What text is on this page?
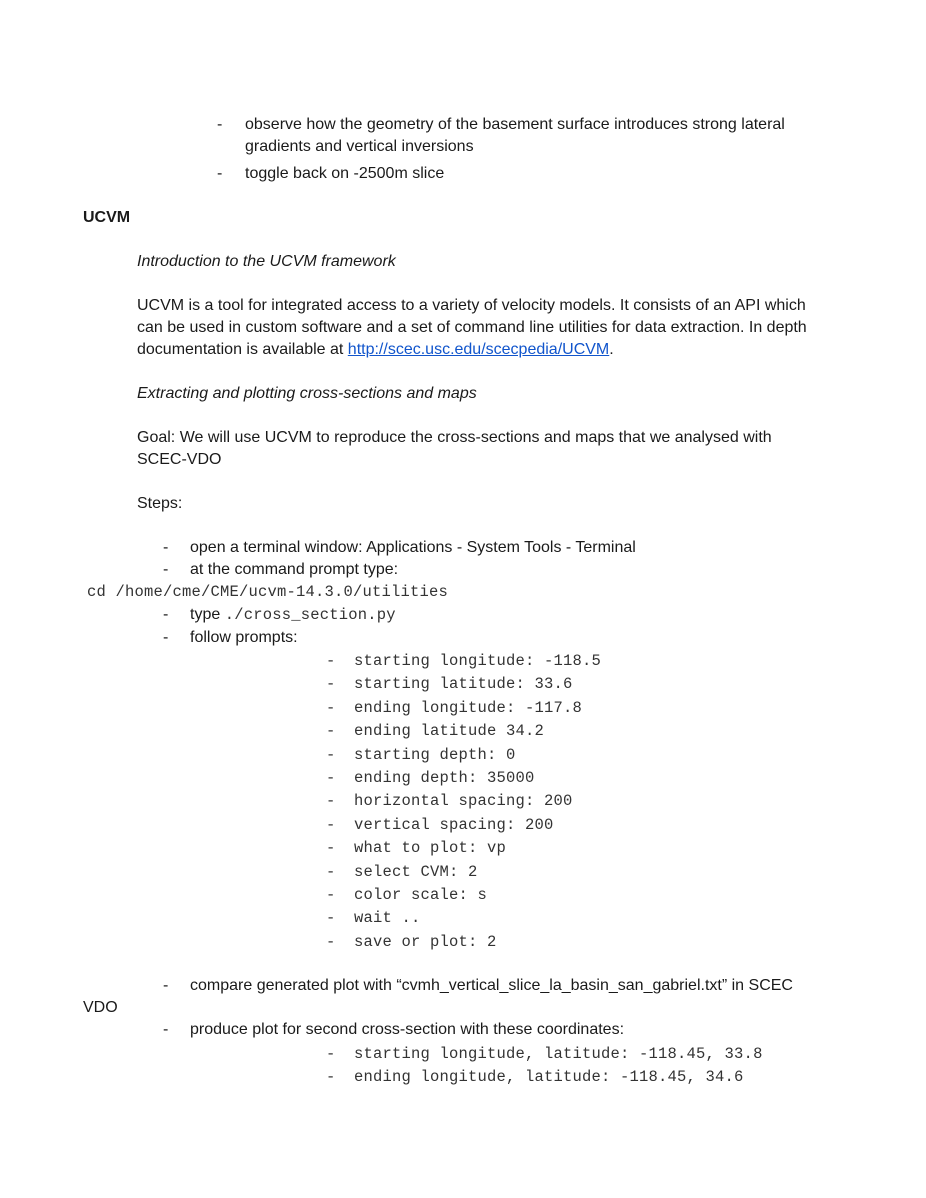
- observe how the geometry of the basement surface introduces strong lateral
gradients and vertical inversions
- toggle back on -2500m slice
UCVM
Introduction to the UCVM framework
UCVM is a tool for integrated access to a variety of velocity models. It consists of an API which
can be used in custom software and a set of command line utilities for data extraction. In depth
documentation is available at http://scec.usc.edu/scecpedia/UCVM.
Extracting and plotting cross-sections and maps
Goal: We will use UCVM to reproduce the cross-sections and maps that we analysed with
SCEC-VDO
Steps:
- open a terminal window: Applications - System Tools - Terminal
- at the command prompt type:
cd /home/cme/CME/ucvm-14.3.0/utilities
- type ./cross_section.py
- follow prompts:
- starting longitude: -118.5
- starting latitude: 33.6
- ending longitude: -117.8
- ending latitude 34.2
- starting depth: 0
- ending depth: 35000
- horizontal spacing: 200
- vertical spacing: 200
- what to plot: vp
- select CVM: 2
- color scale: s
- wait ..
- save or plot: 2
- compare generated plot with “cvmh_vertical_slice_la_basin_san_gabriel.txt” in SCEC
VDO
- produce plot for second cross-section with these coordinates:
- starting longitude, latitude: -118.45, 33.8
- ending longitude, latitude: -118.45, 34.6
